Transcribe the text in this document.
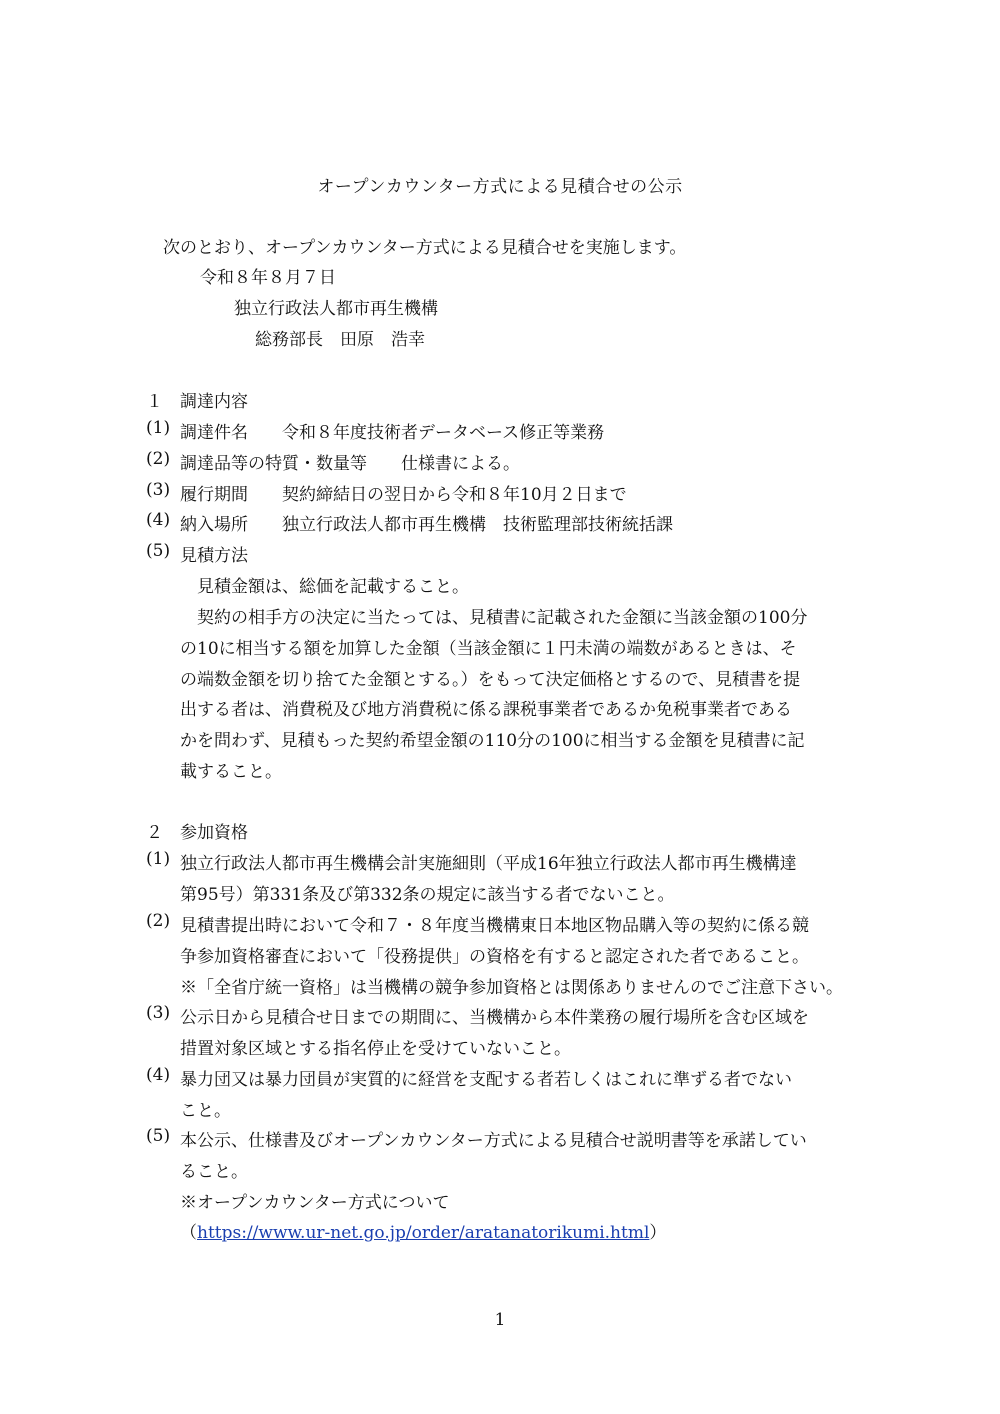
オープンカウンター方式による見積合せの公示
次のとおり、オープンカウンター方式による見積合せを実施します。
令和８年８月７日
独立行政法人都市再生機構
総務部長　田原　浩幸
１　調達内容
(1) 調達件名　　令和８年度技術者データベース修正等業務
(2) 調達品等の特質・数量等　　仕様書による。
(3) 履行期間　　契約締結日の翌日から令和８年10月２日まで
(4) 納入場所　　独立行政法人都市再生機構　技術監理部技術統括課
(5) 見積方法
見積金額は、総価を記載すること。
契約の相手方の決定に当たっては、見積書に記載された金額に当該金額の100分
の10に相当する額を加算した金額（当該金額に１円未満の端数があるときは、そ
の端数金額を切り捨てた金額とする。）をもって決定価格とするので、見積書を提
出する者は、消費税及び地方消費税に係る課税事業者であるか免税事業者である
かを問わず、見積もった契約希望金額の110分の100に相当する金額を見積書に記
載すること。
２　参加資格
(1) 独立行政法人都市再生機構会計実施細則（平成16年独立行政法人都市再生機構達
第95号）第331条及び第332条の規定に該当する者でないこと。
(2) 見積書提出時において令和７・８年度当機構東日本地区物品購入等の契約に係る競
争参加資格審査において「役務提供」の資格を有すると認定された者であること。
※「全省庁統一資格」は当機構の競争参加資格とは関係ありませんのでご注意下さい。
(3) 公示日から見積合せ日までの期間に、当機構から本件業務の履行場所を含む区域を
措置対象区域とする指名停止を受けていないこと。
(4) 暴力団又は暴力団員が実質的に経営を支配する者若しくはこれに準ずる者でない
こと。
(5) 本公示、仕様書及びオープンカウンター方式による見積合せ説明書等を承諾してい
ること。
※オープンカウンター方式について
（https://www.ur-net.go.jp/order/aratanatorikumi.html）
1
